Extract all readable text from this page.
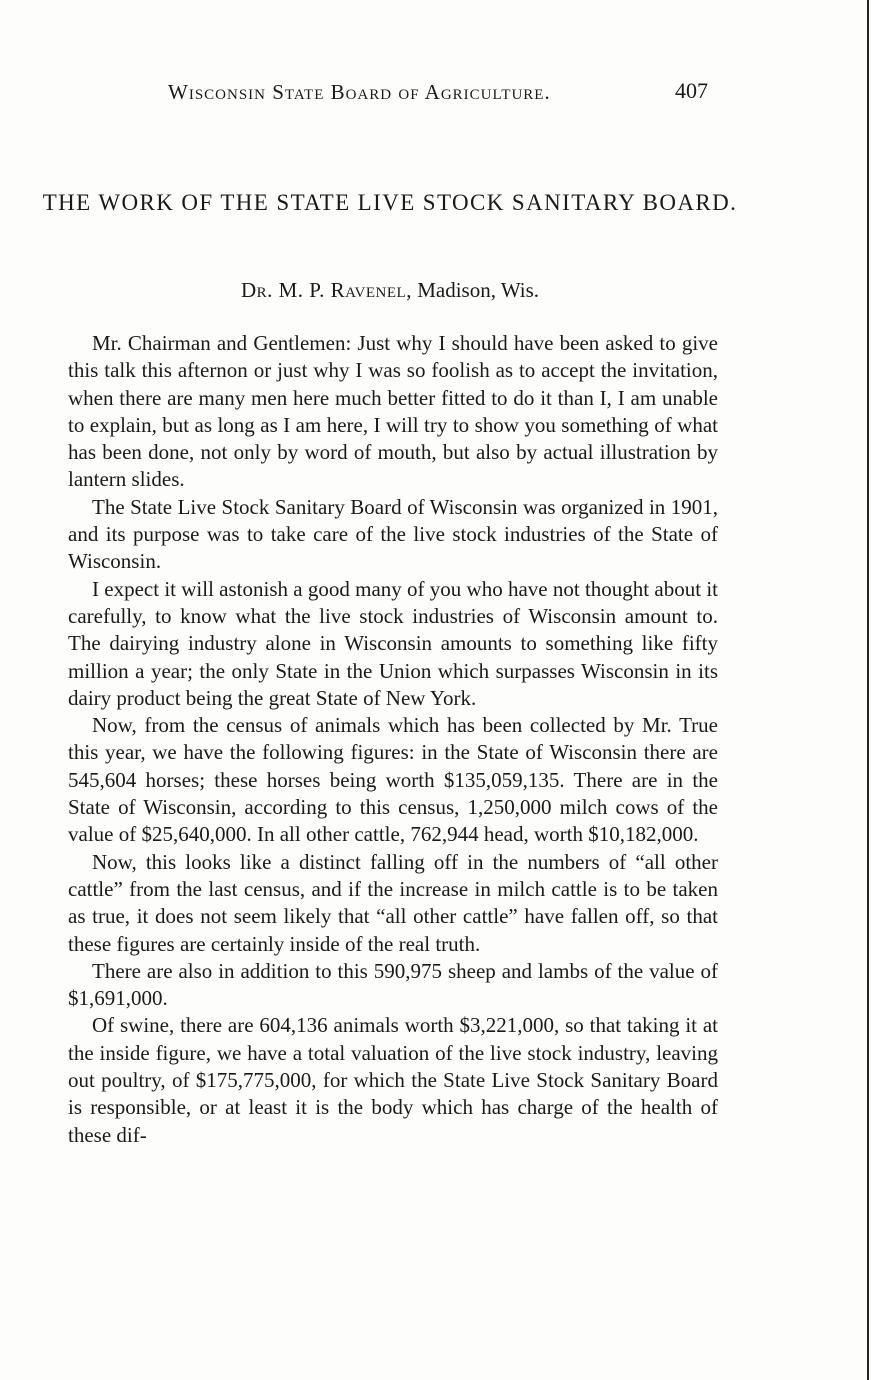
Wisconsin State Board of Agriculture.	407
THE WORK OF THE STATE LIVE STOCK SANITARY BOARD.
Dr. M. P. Ravenel, Madison, Wis.

Mr. Chairman and Gentlemen: Just why I should have been asked to give this talk this afternon or just why I was so foolish as to accept the invitation, when there are many men here much better fitted to do it than I, I am unable to explain, but as long as I am here, I will try to show you something of what has been done, not only by word of mouth, but also by actual illustration by lantern slides.

The State Live Stock Sanitary Board of Wisconsin was organized in 1901, and its purpose was to take care of the live stock industries of the State of Wisconsin.

I expect it will astonish a good many of you who have not thought about it carefully, to know what the live stock industries of Wisconsin amount to. The dairying industry alone in Wisconsin amounts to something like fifty million a year; the only State in the Union which surpasses Wisconsin in its dairy product being the great State of New York.

Now, from the census of animals which has been collected by Mr. True this year, we have the following figures: in the State of Wisconsin there are 545,604 horses; these horses being worth $135,059,135. There are in the State of Wisconsin, according to this census, 1,250,000 milch cows of the value of $25,640,000. In all other cattle, 762,944 head, worth $10,182,000.

Now, this looks like a distinct falling off in the numbers of “all other cattle” from the last census, and if the increase in milch cattle is to be taken as true, it does not seem likely that “all other cattle” have fallen off, so that these figures are certainly inside of the real truth.

There are also in addition to this 590,975 sheep and lambs of the value of $1,691,000.

Of swine, there are 604,136 animals worth $3,221,000, so that taking it at the inside figure, we have a total valuation of the live stock industry, leaving out poultry, of $175,775,000, for which the State Live Stock Sanitary Board is responsible, or at least it is the body which has charge of the health of these dif-
